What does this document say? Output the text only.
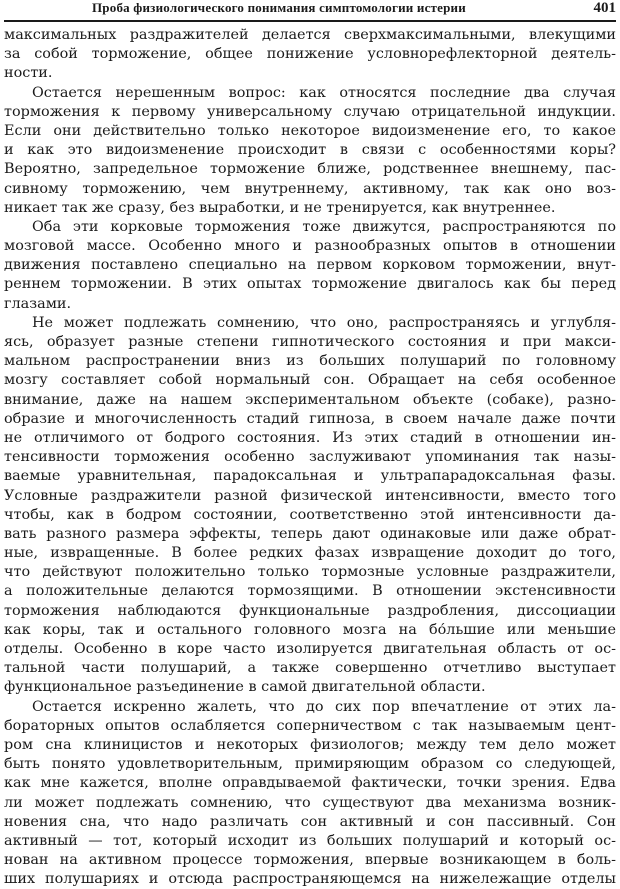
Проба физиологического понимания симптомологии истерии	401
максимальных раздражителей делается сверхмаксимальными, влекущими
за собой торможение, общее понижение условнорефлекторной деятель-
ности.
Остается нерешенным вопрос: как относятся последние два случая
торможения к первому универсальному случаю отрицательной индукции.
Если они действительно только некоторое видоизменение его, то какое
и как это видоизменение происходит в связи с особенностями коры?
Вероятно, запредельное торможение ближе, родственнее внешнему, пас-
сивному торможению, чем внутреннему, активному, так как оно воз-
никает так же сразу, без выработки, и не тренируется, как внутреннее.
Оба эти корковые торможения тоже движутся, распространяются по
мозговой массе. Особенно много и разнообразных опытов в отношении
движения поставлено специально на первом корковом торможении, внут-
реннем торможении. В этих опытах торможение двигалось как бы перед
глазами.
Не может подлежать сомнению, что оно, распространяясь и углубля-
ясь, образует разные степени гипнотического состояния и при макси-
мальном распространении вниз из больших полушарий по головному
мозгу составляет собой нормальный сон. Обращает на себя особенное
внимание, даже на нашем экспериментальном объекте (собаке), разно-
образие и многочисленность стадий гипноза, в своем начале даже почти
не отличимого от бодрого состояния. Из этих стадий в отношении ин-
тенсивности торможения особенно заслуживают упоминания так назы-
ваемые уравнительная, парадоксальная и ультрапарадоксальная фазы.
Условные раздражители разной физической интенсивности, вместо того
чтобы, как в бодром состоянии, соответственно этой интенсивности да-
вать разного размера эффекты, теперь дают одинаковые или даже обрат-
ные, извращенные. В более редких фазах извращение доходит до того,
что действуют положительно только тормозные условные раздражители,
а положительные делаются тормозящими. В отношении экстенсивности
торможения наблюдаются функциональные раздробления, диссоциации
как коры, так и остального головного мозга на бо́льшие или меньшие
отделы. Особенно в коре часто изолируется двигательная область от ос-
тальной части полушарий, а также совершенно отчетливо выступает
функциональное разъединение в самой двигательной области.
Остается искренно жалеть, что до сих пор впечатление от этих ла-
бораторных опытов ослабляется соперничеством с так называемым цент-
ром сна клиницистов и некоторых физиологов; между тем дело может
быть понято удовлетворительным, примиряющим образом со следующей,
как мне кажется, вполне оправдываемой фактически, точки зрения. Едва
ли может подлежать сомнению, что существуют два механизма возник-
новения сна, что надо различать сон активный и сон пассивный. Сон
активный — тот, который исходит из больших полушарий и который ос-
нован на активном процессе торможения, впервые возникающем в боль-
ших полушариях и отсюда распространяющемся на нижележащие отделы
